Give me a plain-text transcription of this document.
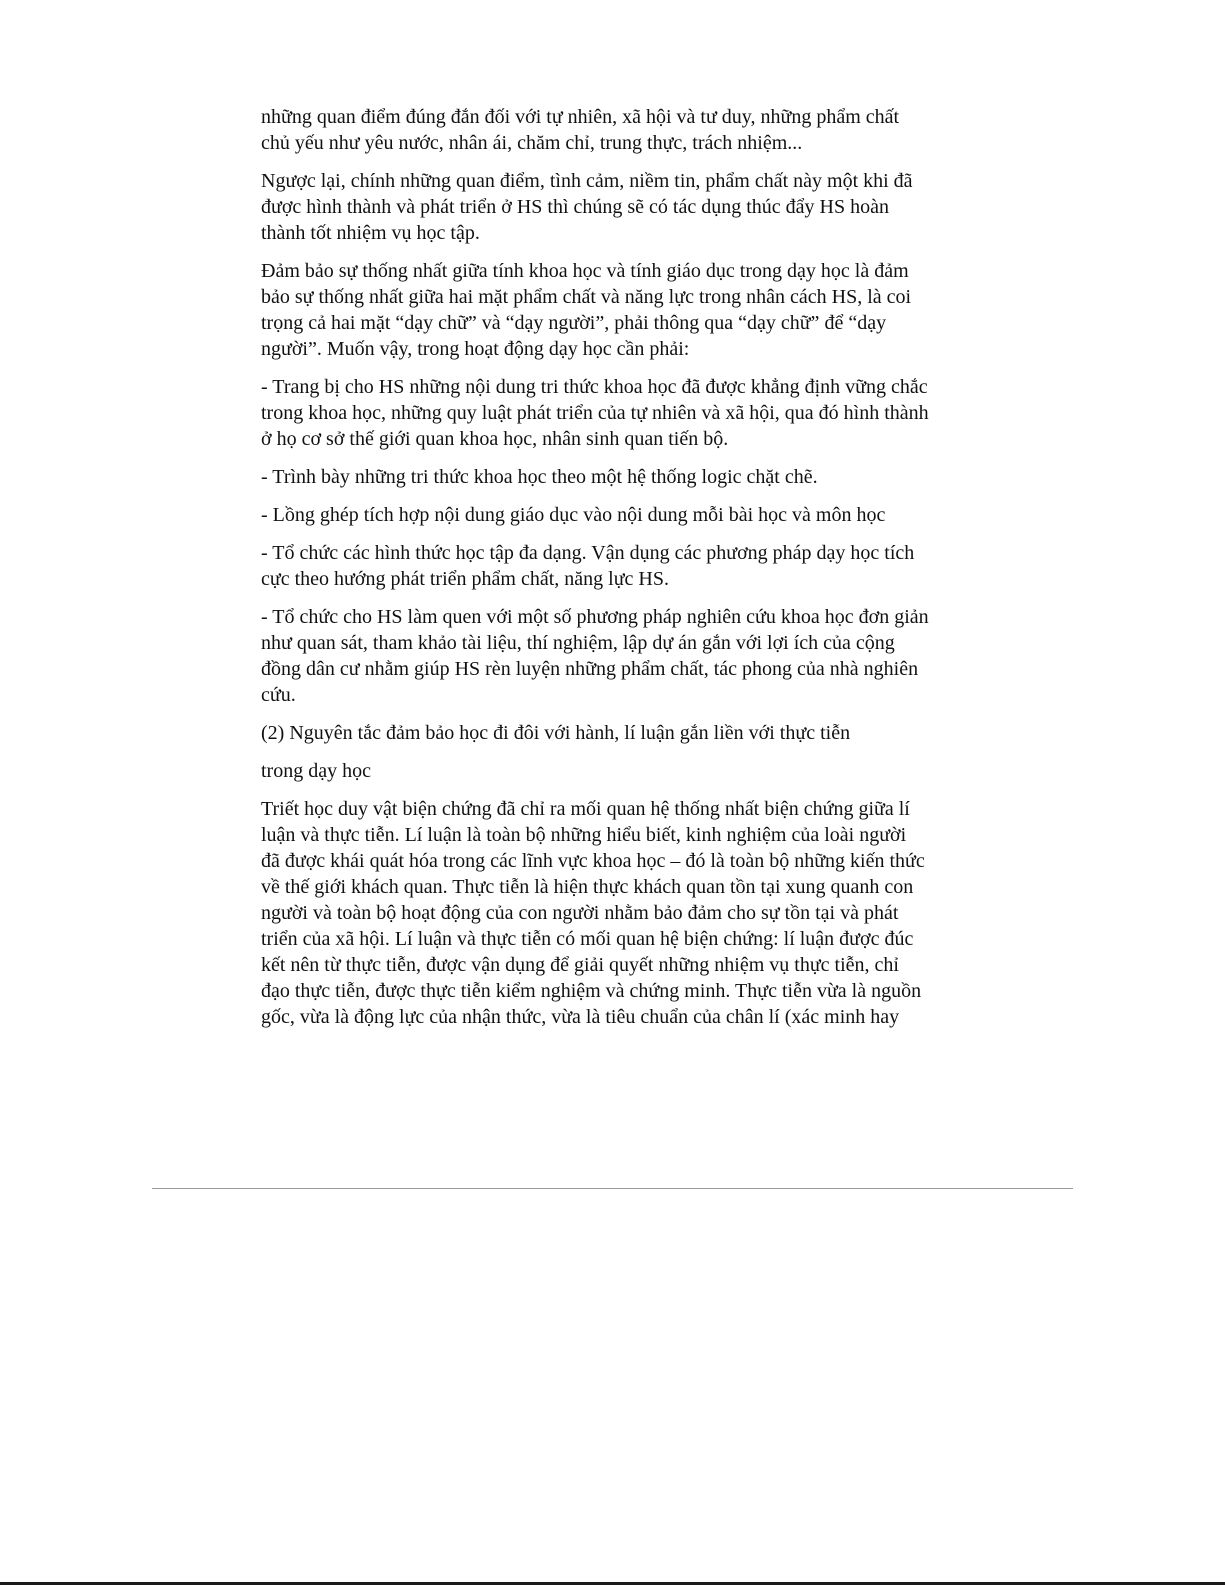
những quan điểm đúng đắn đối với tự nhiên, xã hội và tư duy, những phẩm chất
chủ yếu như yêu nước, nhân ái, chăm chỉ, trung thực, trách nhiệm...

Ngược lại, chính những quan điểm, tình cảm, niềm tin, phẩm chất này một khi đã
được hình thành và phát triển ở HS thì chúng sẽ có tác dụng thúc đẩy HS hoàn
thành tốt nhiệm vụ học tập.

Đảm bảo sự thống nhất giữa tính khoa học và tính giáo dục trong dạy học là đảm
bảo sự thống nhất giữa hai mặt phẩm chất và năng lực trong nhân cách HS, là coi
trọng cả hai mặt “dạy chữ” và “dạy người”, phải thông qua “dạy chữ” để “dạy
người”. Muốn vậy, trong hoạt động dạy học cần phải:

- Trang bị cho HS những nội dung tri thức khoa học đã được khẳng định vững chắc
trong khoa học, những quy luật phát triển của tự nhiên và xã hội, qua đó hình thành
ở họ cơ sở thế giới quan khoa học, nhân sinh quan tiến bộ.

- Trình bày những tri thức khoa học theo một hệ thống logic chặt chẽ.

- Lồng ghép tích hợp nội dung giáo dục vào nội dung mỗi bài học và môn học

- Tổ chức các hình thức học tập đa dạng. Vận dụng các phương pháp dạy học tích
cực theo hướng phát triển phẩm chất, năng lực HS.

- Tổ chức cho HS làm quen với một số phương pháp nghiên cứu khoa học đơn giản
như quan sát, tham khảo tài liệu, thí nghiệm, lập dự án gắn với lợi ích của cộng
đồng dân cư nhằm giúp HS rèn luyện những phẩm chất, tác phong của nhà nghiên
cứu.

(2) Nguyên tắc đảm bảo học đi đôi với hành, lí luận gắn liền với thực tiễn

trong dạy học

Triết học duy vật biện chứng đã chỉ ra mối quan hệ thống nhất biện chứng giữa lí
luận và thực tiễn. Lí luận là toàn bộ những hiểu biết, kinh nghiệm của loài người
đã được khái quát hóa trong các lĩnh vực khoa học – đó là toàn bộ những kiến thức
về thế giới khách quan. Thực tiễn là hiện thực khách quan tồn tại xung quanh con
người và toàn bộ hoạt động của con người nhằm bảo đảm cho sự tồn tại và phát
triển của xã hội. Lí luận và thực tiễn có mối quan hệ biện chứng: lí luận được đúc
kết nên từ thực tiễn, được vận dụng để giải quyết những nhiệm vụ thực tiễn, chỉ
đạo thực tiễn, được thực tiễn kiểm nghiệm và chứng minh. Thực tiễn vừa là nguồn
gốc, vừa là động lực của nhận thức, vừa là tiêu chuẩn của chân lí (xác minh hay
